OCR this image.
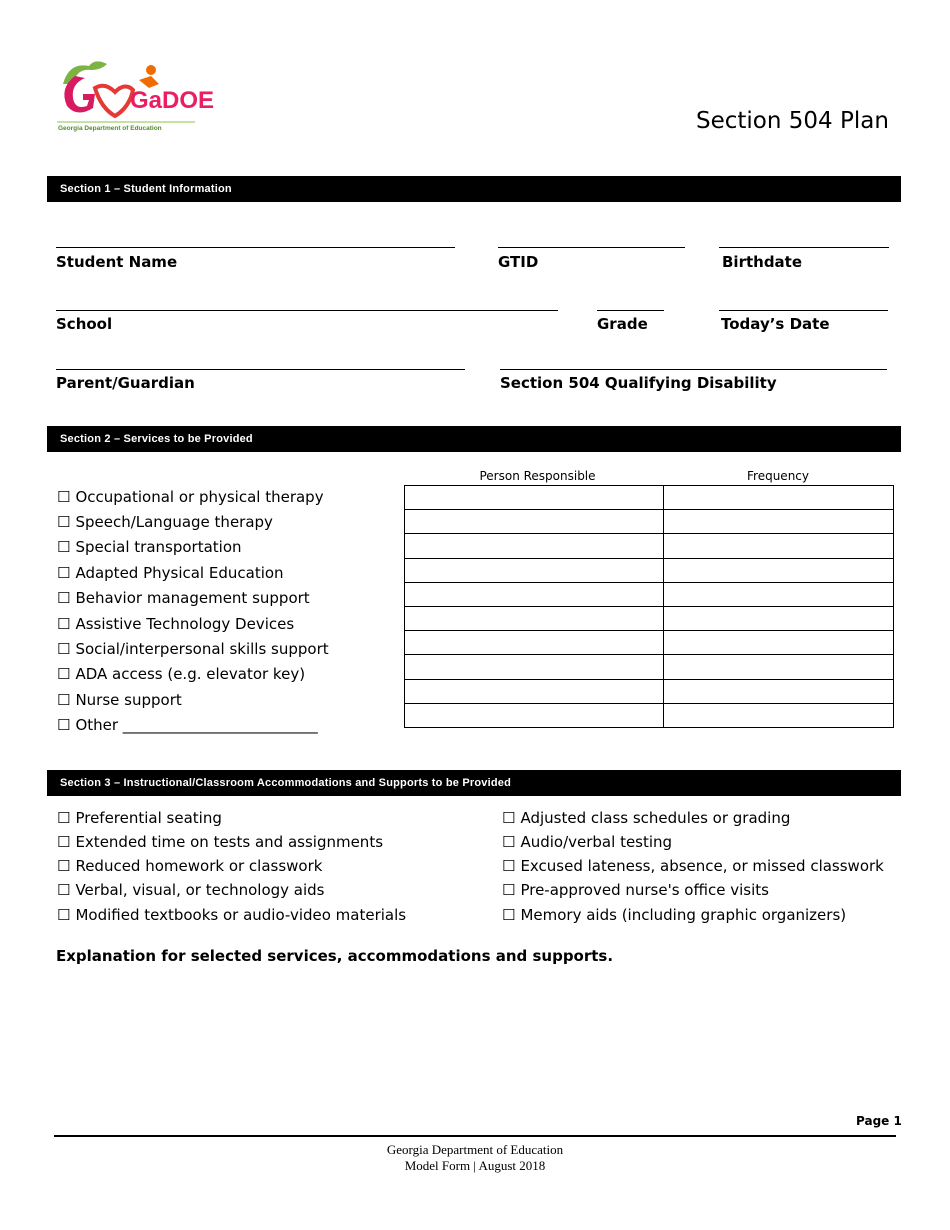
GaDOE
Georgia Department of Education	Section 504 Plan
Section 1 – Student Information
Student Name	GTID	Birthdate
School	Grade	Today’s Date
Parent/Guardian	Section 504 Qualifying Disability
Section 2 – Services to be Provided
Person Responsible	Frequency
☐ Occupational or physical therapy
☐ Speech/Language therapy
☐ Special transportation
☐ Adapted Physical Education
☐ Behavior management support
☐ Assistive Technology Devices
☐ Social/interpersonal skills support
☐ ADA access (e.g. elevator key)
☐ Nurse support
☐ Other __________________________

Section 3 – Instructional/Classroom Accommodations and Supports to be Provided
☐ Preferential seating
☐ Extended time on tests and assignments
☐ Reduced homework or classwork
☐ Verbal, visual, or technology aids
☐ Modified textbooks or audio-video materials
☐ Adjusted class schedules or grading
☐ Audio/verbal testing
☐ Excused lateness, absence, or missed classwork
☐ Pre-approved nurse's office visits
☐ Memory aids (including graphic organizers)
Explanation for selected services, accommodations and supports.
Page 1
Georgia Department of Education
Model Form | August 2018
